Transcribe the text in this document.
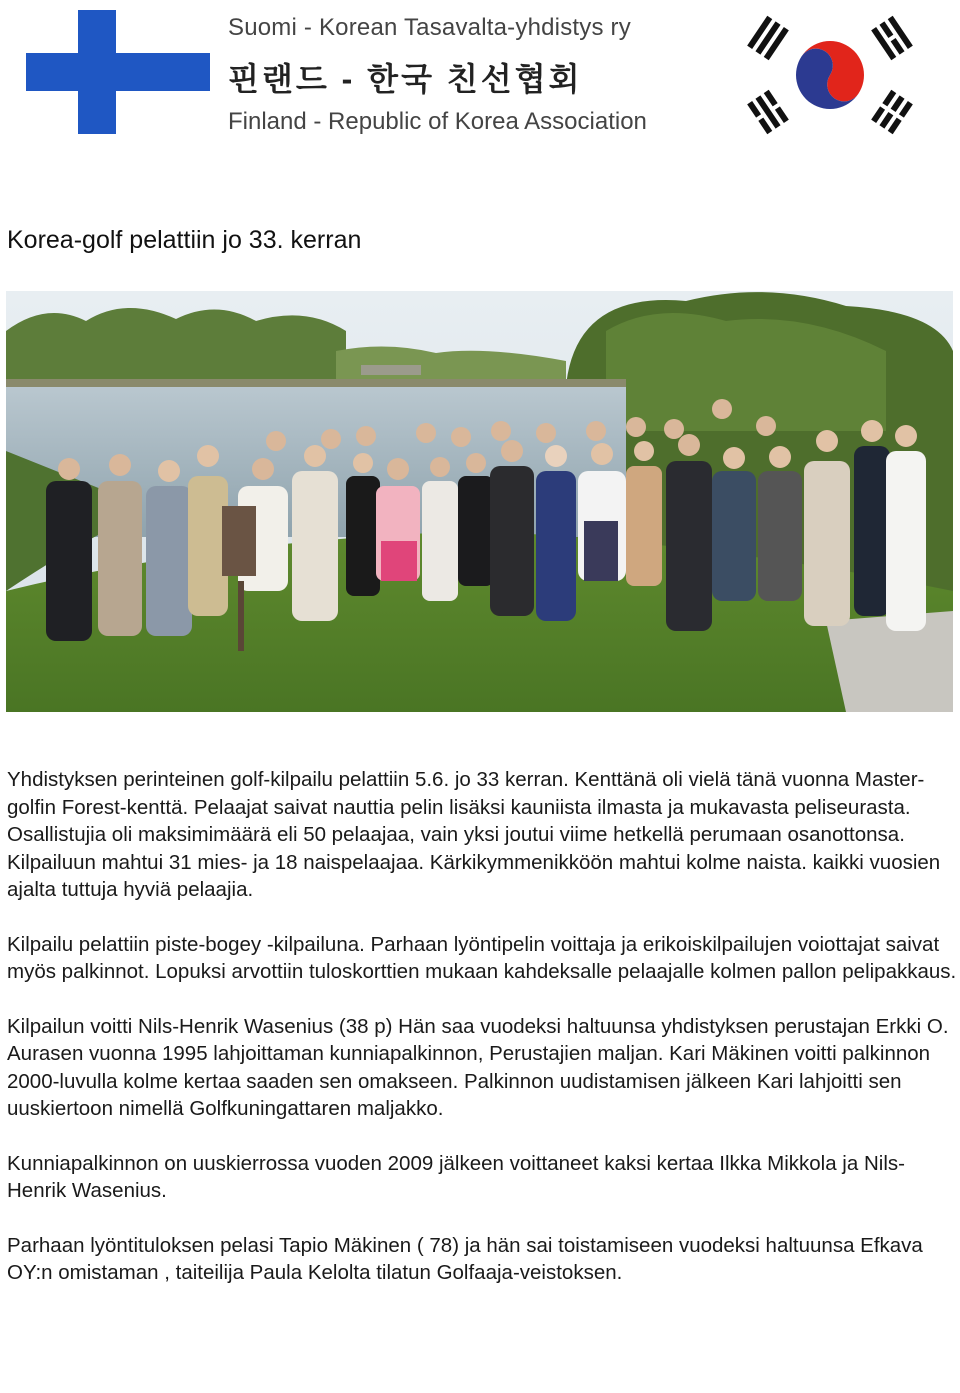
Suomi - Korean Tasavalta-yhdistys ry
핀랜드 - 한국 친선협회
Finland - Republic of Korea Association
Korea-golf pelattiin jo 33. kerran

Yhdistyksen perinteinen golf-kilpailu pelattiin 5.6. jo 33 kerran. Kenttänä oli vielä tänä vuonna Master-golfin Forest-kenttä. Pelaajat saivat nauttia pelin lisäksi kauniista ilmasta ja mukavasta peliseurasta. Osallistujia oli maksimimäärä eli 50 pelaajaa, vain yksi joutui viime hetkellä perumaan osanottonsa. Kilpailuun mahtui 31 mies- ja 18 naispelaajaa. Kärkikymmenikköön mahtui kolme naista. kaikki vuosien ajalta tuttuja hyviä pelaajia.

Kilpailu pelattiin piste-bogey -kilpailuna. Parhaan lyöntipelin voittaja ja erikoiskilpailujen voiottajat saivat myös palkinnot. Lopuksi arvottiin tuloskorttien mukaan kahdeksalle pelaajalle kolmen pallon pelipakkaus.

Kilpailun voitti Nils-Henrik Wasenius (38 p) Hän saa vuodeksi haltuunsa yhdistyksen perustajan Erkki O. Aurasen vuonna 1995 lahjoittaman kunniapalkinnon, Perustajien maljan. Kari Mäkinen voitti palkinnon 2000-luvulla kolme kertaa saaden sen omakseen. Palkinnon uudistamisen jälkeen Kari lahjoitti sen uuskiertoon nimellä Golfkuningattaren maljakko.

Kunniapalkinnon on uuskierrossa vuoden 2009 jälkeen voittaneet kaksi kertaa Ilkka Mikkola ja Nils-Henrik Wasenius.

Parhaan lyöntituloksen pelasi Tapio Mäkinen ( 78) ja hän sai toistamiseen vuodeksi haltuunsa Efkava OY:n omistaman , taiteilija Paula Kelolta tilatun Golfaaja-veistoksen.
